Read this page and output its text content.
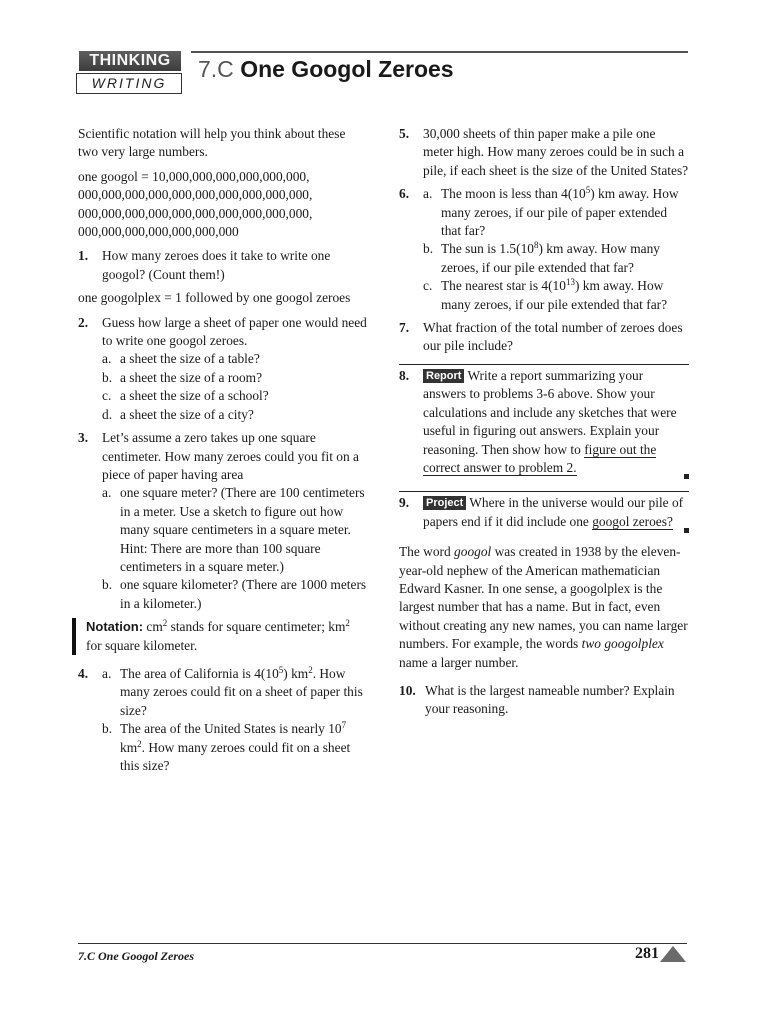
THINKING
WRITING
7.C One Googol Zeroes

Scientific notation will help you think about these two very large numbers.

one googol = 10,000,000,000,000,000,000, 000,000,000,000,000,000,000,000,000,000, 000,000,000,000,000,000,000,000,000,000, 000,000,000,000,000,000,000

1. How many zeroes does it take to write one googol? (Count them!)

one googolplex = 1 followed by one googol zeroes

2. Guess how large a sheet of paper one would need to write one googol zeroes.
a. a sheet the size of a table?
b. a sheet the size of a room?
c. a sheet the size of a school?
d. a sheet the size of a city?
3. Let’s assume a zero takes up one square centimeter. How many zeroes could you fit on a piece of paper having area
a. one square meter? (There are 100 centimeters in a meter. Use a sketch to figure out how many square centimeters in a square meter. Hint: There are more than 100 square centimeters in a square meter.)
b. one square kilometer? (There are 1000 meters in a kilometer.)
Notation: $cm^2$ stands for square centimeter; $km^2$ for square kilometer.
4. a. The area of California is $4(10^5)$ $km^2$. How many zeroes could fit on a sheet of paper this size?
b. The area of the United States is nearly $10^7$ $km^2$. How many zeroes could fit on a sheet this size?
5. 30,000 sheets of thin paper make a pile one meter high. How many zeroes could be in such a pile, if each sheet is the size of the United States?
6. a. The moon is less than $4(10^5)$ km away. How many zeroes, if our pile of paper extended that far?
b. The sun is $1.5(10^8)$ km away. How many zeroes, if our pile extended that far?
c. The nearest star is $4(10^{13})$ km away. How many zeroes, if our pile extended that far?
7. What fraction of the total number of zeroes does our pile include?
8. Report Write a report summarizing your answers to problems 3-6 above. Show your calculations and include any sketches that were useful in figuring out answers. Explain your reasoning. Then show how to figure out the correct answer to problem 2.
9. Project Where in the universe would our pile of papers end if it did include one googol zeroes?

The word googol was created in 1938 by the eleven-year-old nephew of the American mathematician Edward Kasner. In one sense, a googolplex is the largest number that has a name. But in fact, even without creating any new names, you can name larger numbers. For example, the words two googolplex name a larger number.

10. What is the largest nameable number? Explain your reasoning.
7.C One Googol Zeroes	281
